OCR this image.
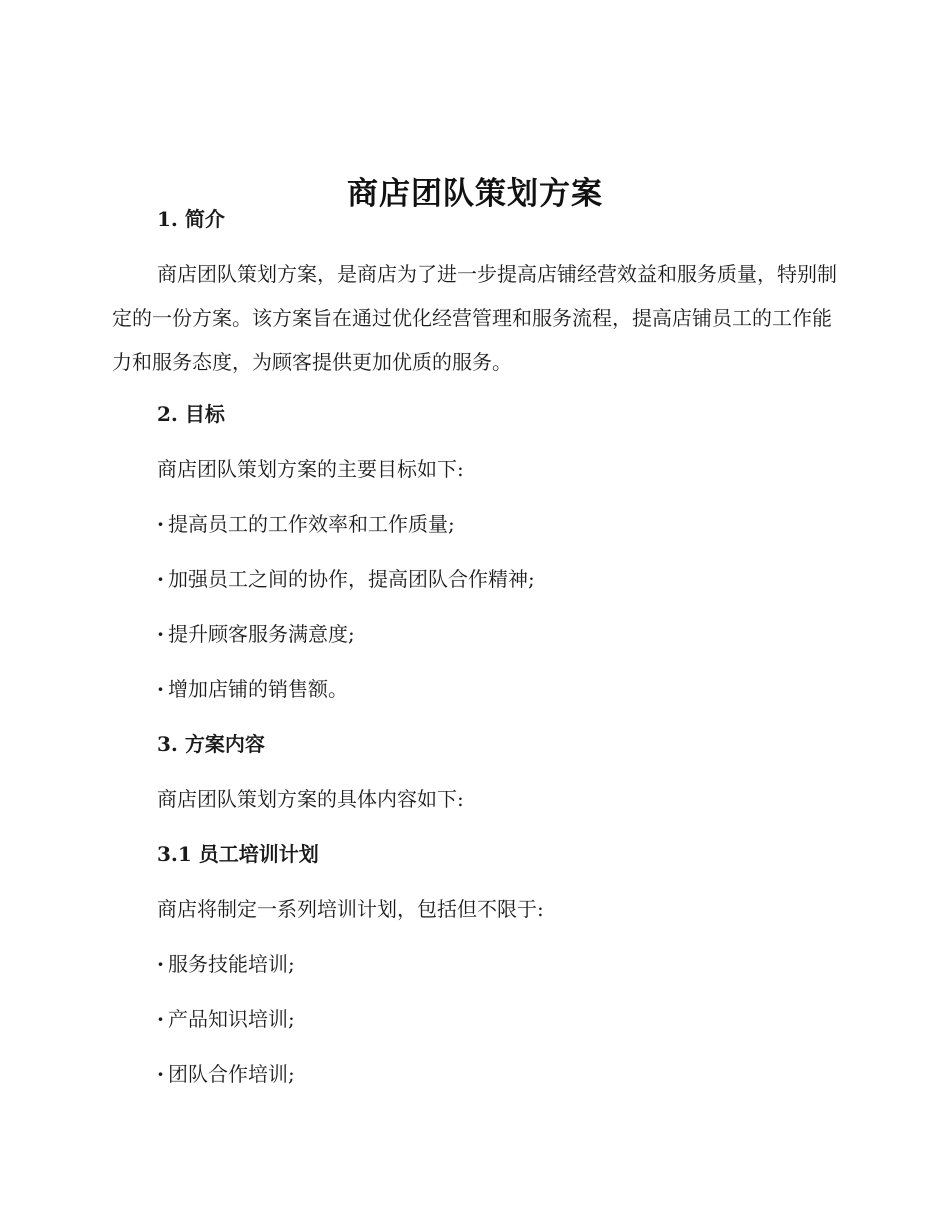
商店团队策划方案
1. 简介

商店团队策划方案，是商店为了进一步提高店铺经营效益和服务质量，特别制定的一份方案。该方案旨在通过优化经营管理和服务流程，提高店铺员工的工作能力和服务态度，为顾客提供更加优质的服务。

2. 目标
商店团队策划方案的主要目标如下:
· 提高员工的工作效率和工作质量;
· 加强员工之间的协作，提高团队合作精神;
· 提升顾客服务满意度;
· 增加店铺的销售额。
3. 方案内容
商店团队策划方案的具体内容如下:
3.1 员工培训计划
商店将制定一系列培训计划，包括但不限于:
· 服务技能培训;
· 产品知识培训;
· 团队合作培训;
